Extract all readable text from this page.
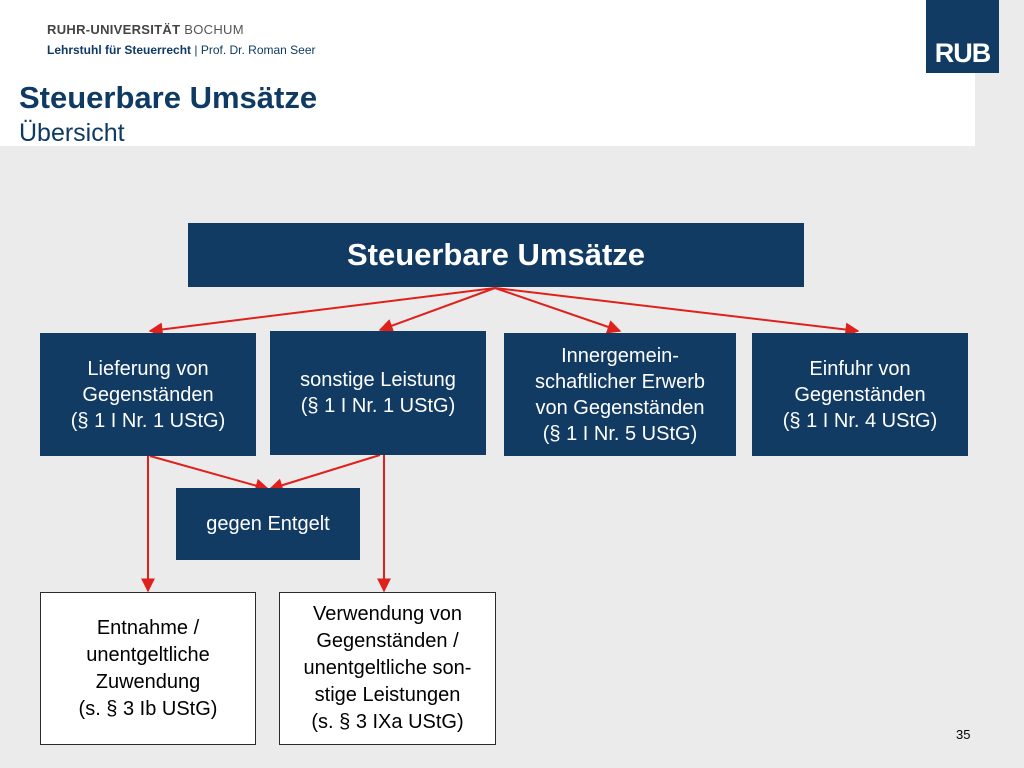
RUHR-UNIVERSITÄT BOCHUM
Lehrstuhl für Steuerrecht | Prof. Dr. Roman Seer
Steuerbare Umsätze
Übersicht
RUB
Steuerbare Umsätze
Lieferung von
Gegenständen
(§ 1 I Nr. 1 UStG)
sonstige Leistung
(§ 1 I Nr. 1 UStG)
Innergemein-
schaftlicher Erwerb
von Gegenständen
(§ 1 I Nr. 5 UStG)
Einfuhr von
Gegenständen
(§ 1 I Nr. 4 UStG)
gegen Entgelt
Entnahme /
unentgeltliche
Zuwendung
(s. § 3 Ib UStG)
Verwendung von
Gegenständen /
unentgeltliche son-
stige Leistungen
(s. § 3 IXa UStG)
35
